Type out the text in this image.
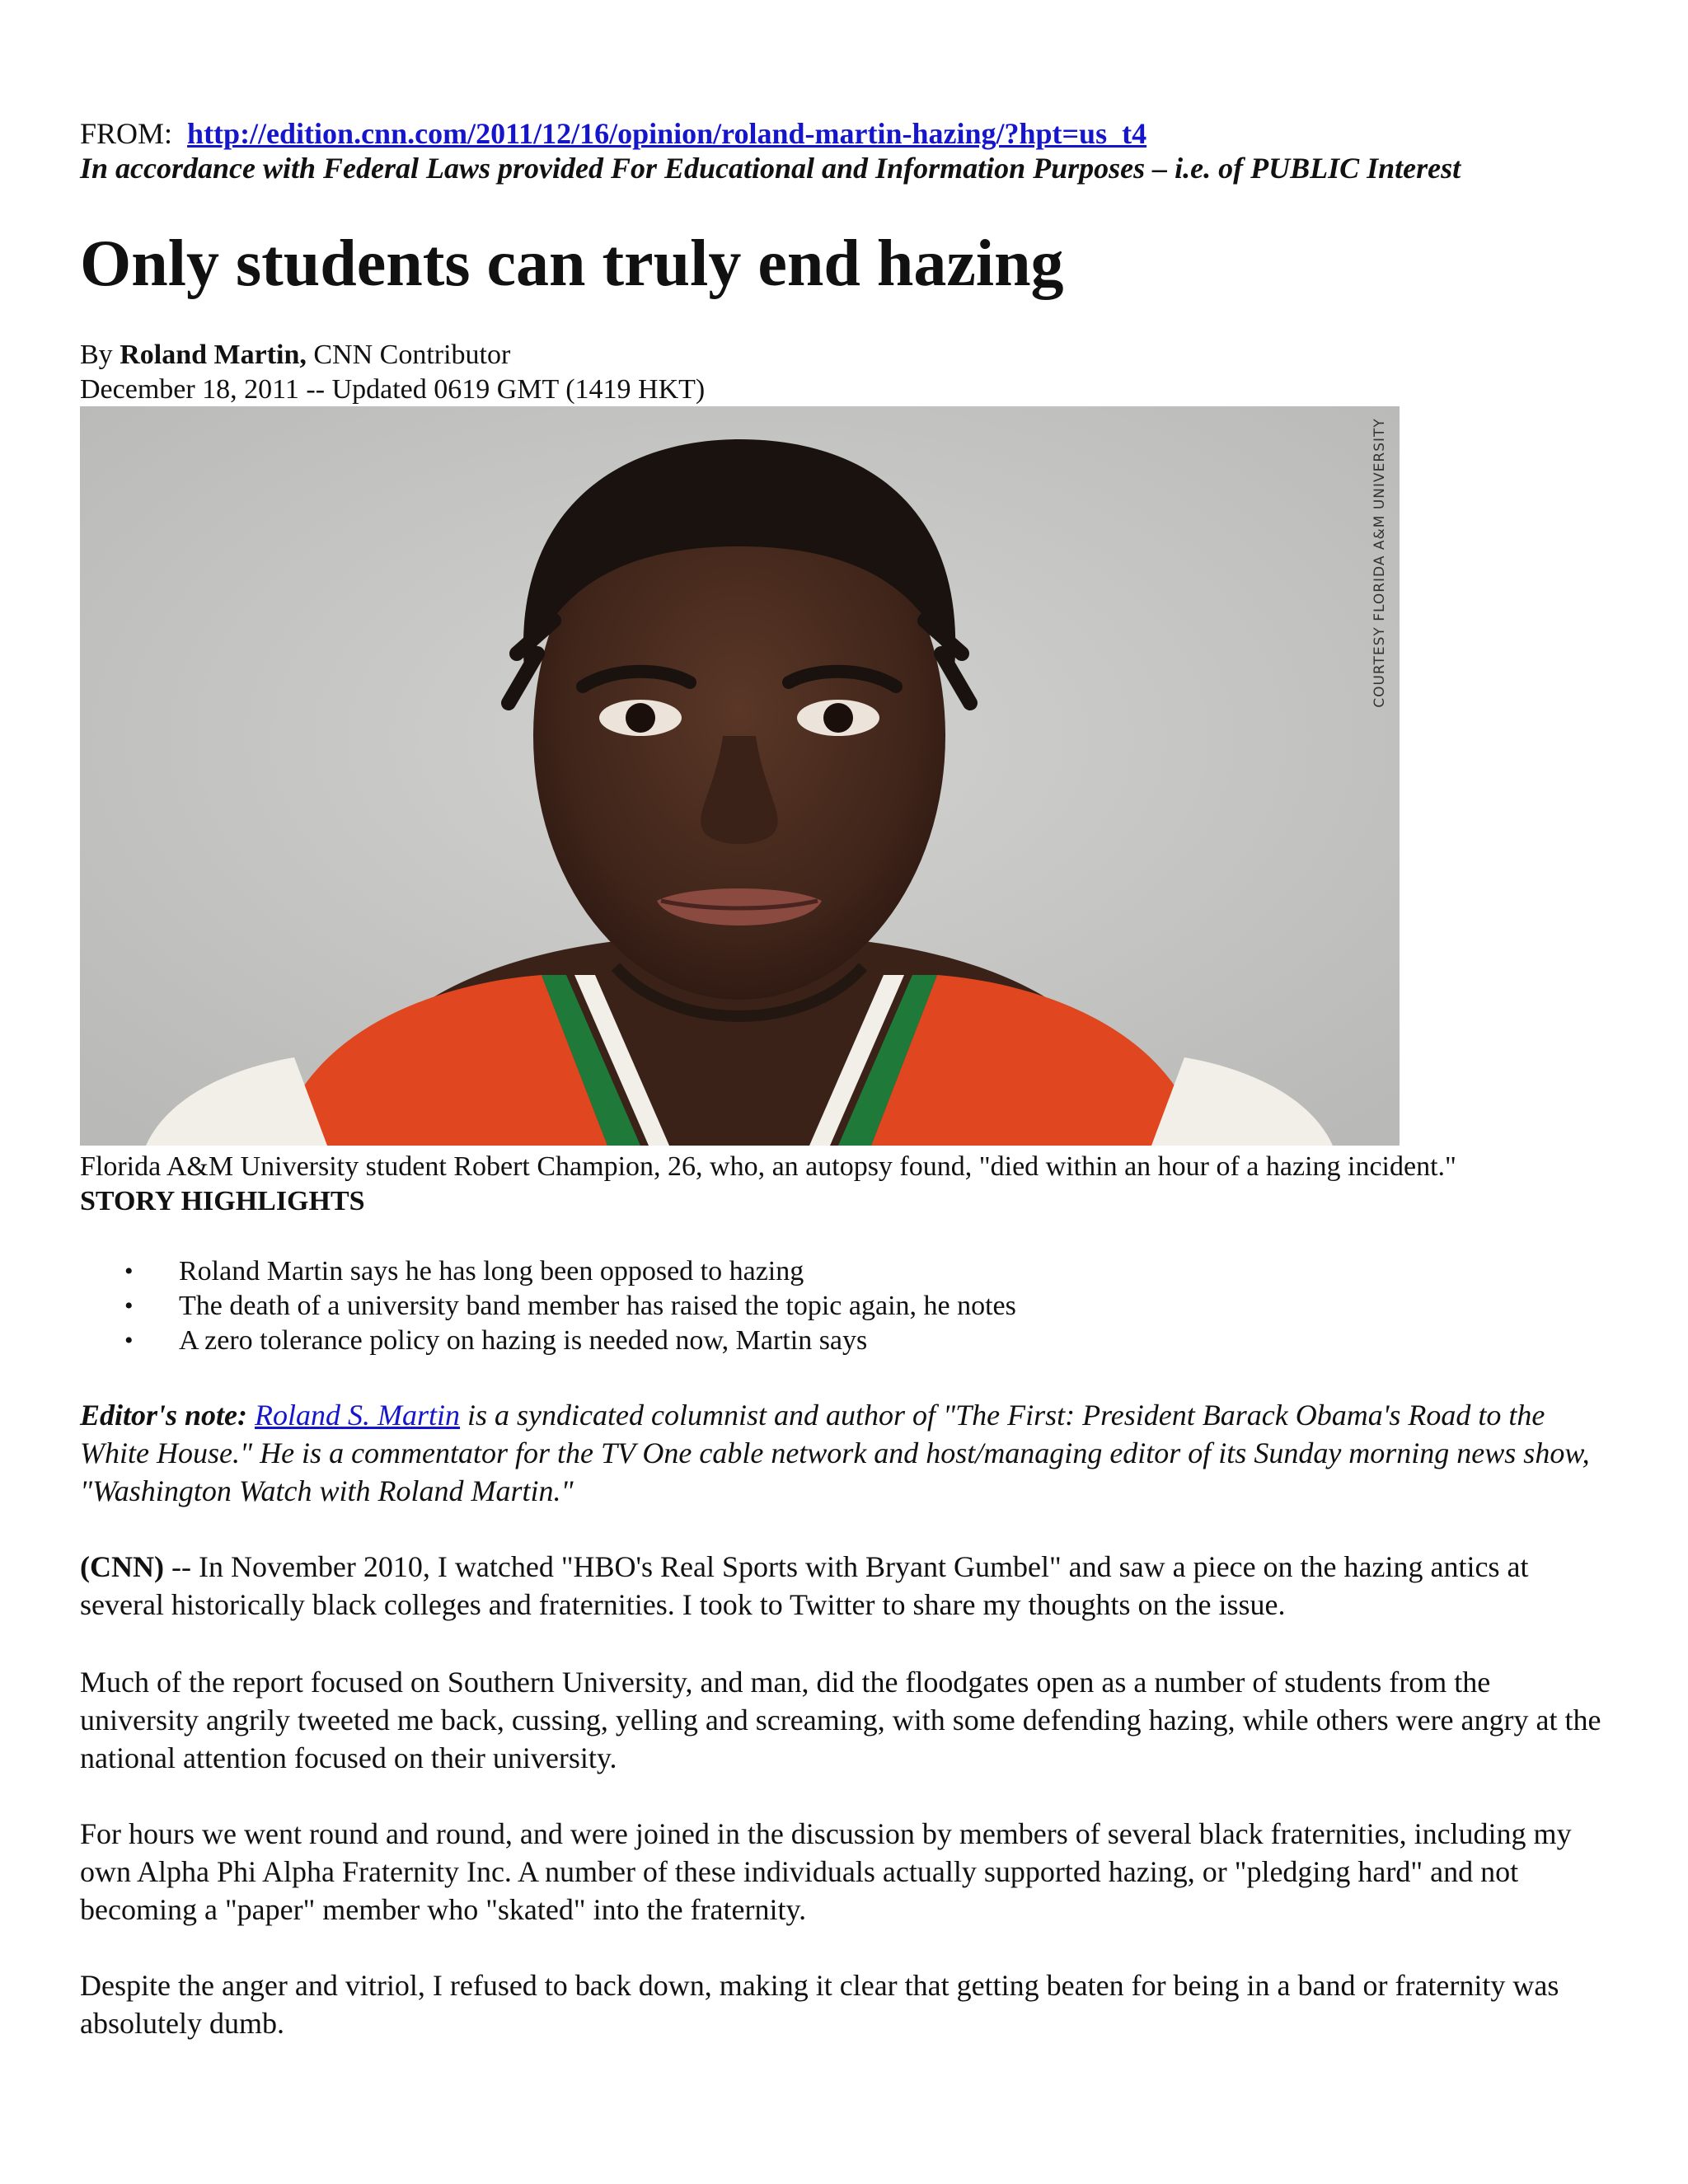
FROM: http://edition.cnn.com/2011/12/16/opinion/roland-martin-hazing/?hpt=us_t4
In accordance with Federal Laws provided For Educational and Information Purposes – i.e. of PUBLIC Interest
Only students can truly end hazing
By Roland Martin, CNN Contributor
December 18, 2011 -- Updated 0619 GMT (1419 HKT)
COURTESY FLORIDA A&M UNIVERSITY
Florida A&M University student Robert Champion, 26, who, an autopsy found, "died within an hour of a hazing incident."
STORY HIGHLIGHTS
• Roland Martin says he has long been opposed to hazing
• The death of a university band member has raised the topic again, he notes
• A zero tolerance policy on hazing is needed now, Martin says

Editor's note: Roland S. Martin is a syndicated columnist and author of "The First: President Barack Obama's Road to the White House." He is a commentator for the TV One cable network and host/managing editor of its Sunday morning news show, "Washington Watch with Roland Martin."

(CNN) -- In November 2010, I watched "HBO's Real Sports with Bryant Gumbel" and saw a piece on the hazing antics at several historically black colleges and fraternities. I took to Twitter to share my thoughts on the issue.

Much of the report focused on Southern University, and man, did the floodgates open as a number of students from the university angrily tweeted me back, cussing, yelling and screaming, with some defending hazing, while others were angry at the national attention focused on their university.

For hours we went round and round, and were joined in the discussion by members of several black fraternities, including my own Alpha Phi Alpha Fraternity Inc. A number of these individuals actually supported hazing, or "pledging hard" and not becoming a "paper" member who "skated" into the fraternity.

Despite the anger and vitriol, I refused to back down, making it clear that getting beaten for being in a band or fraternity was absolutely dumb.
